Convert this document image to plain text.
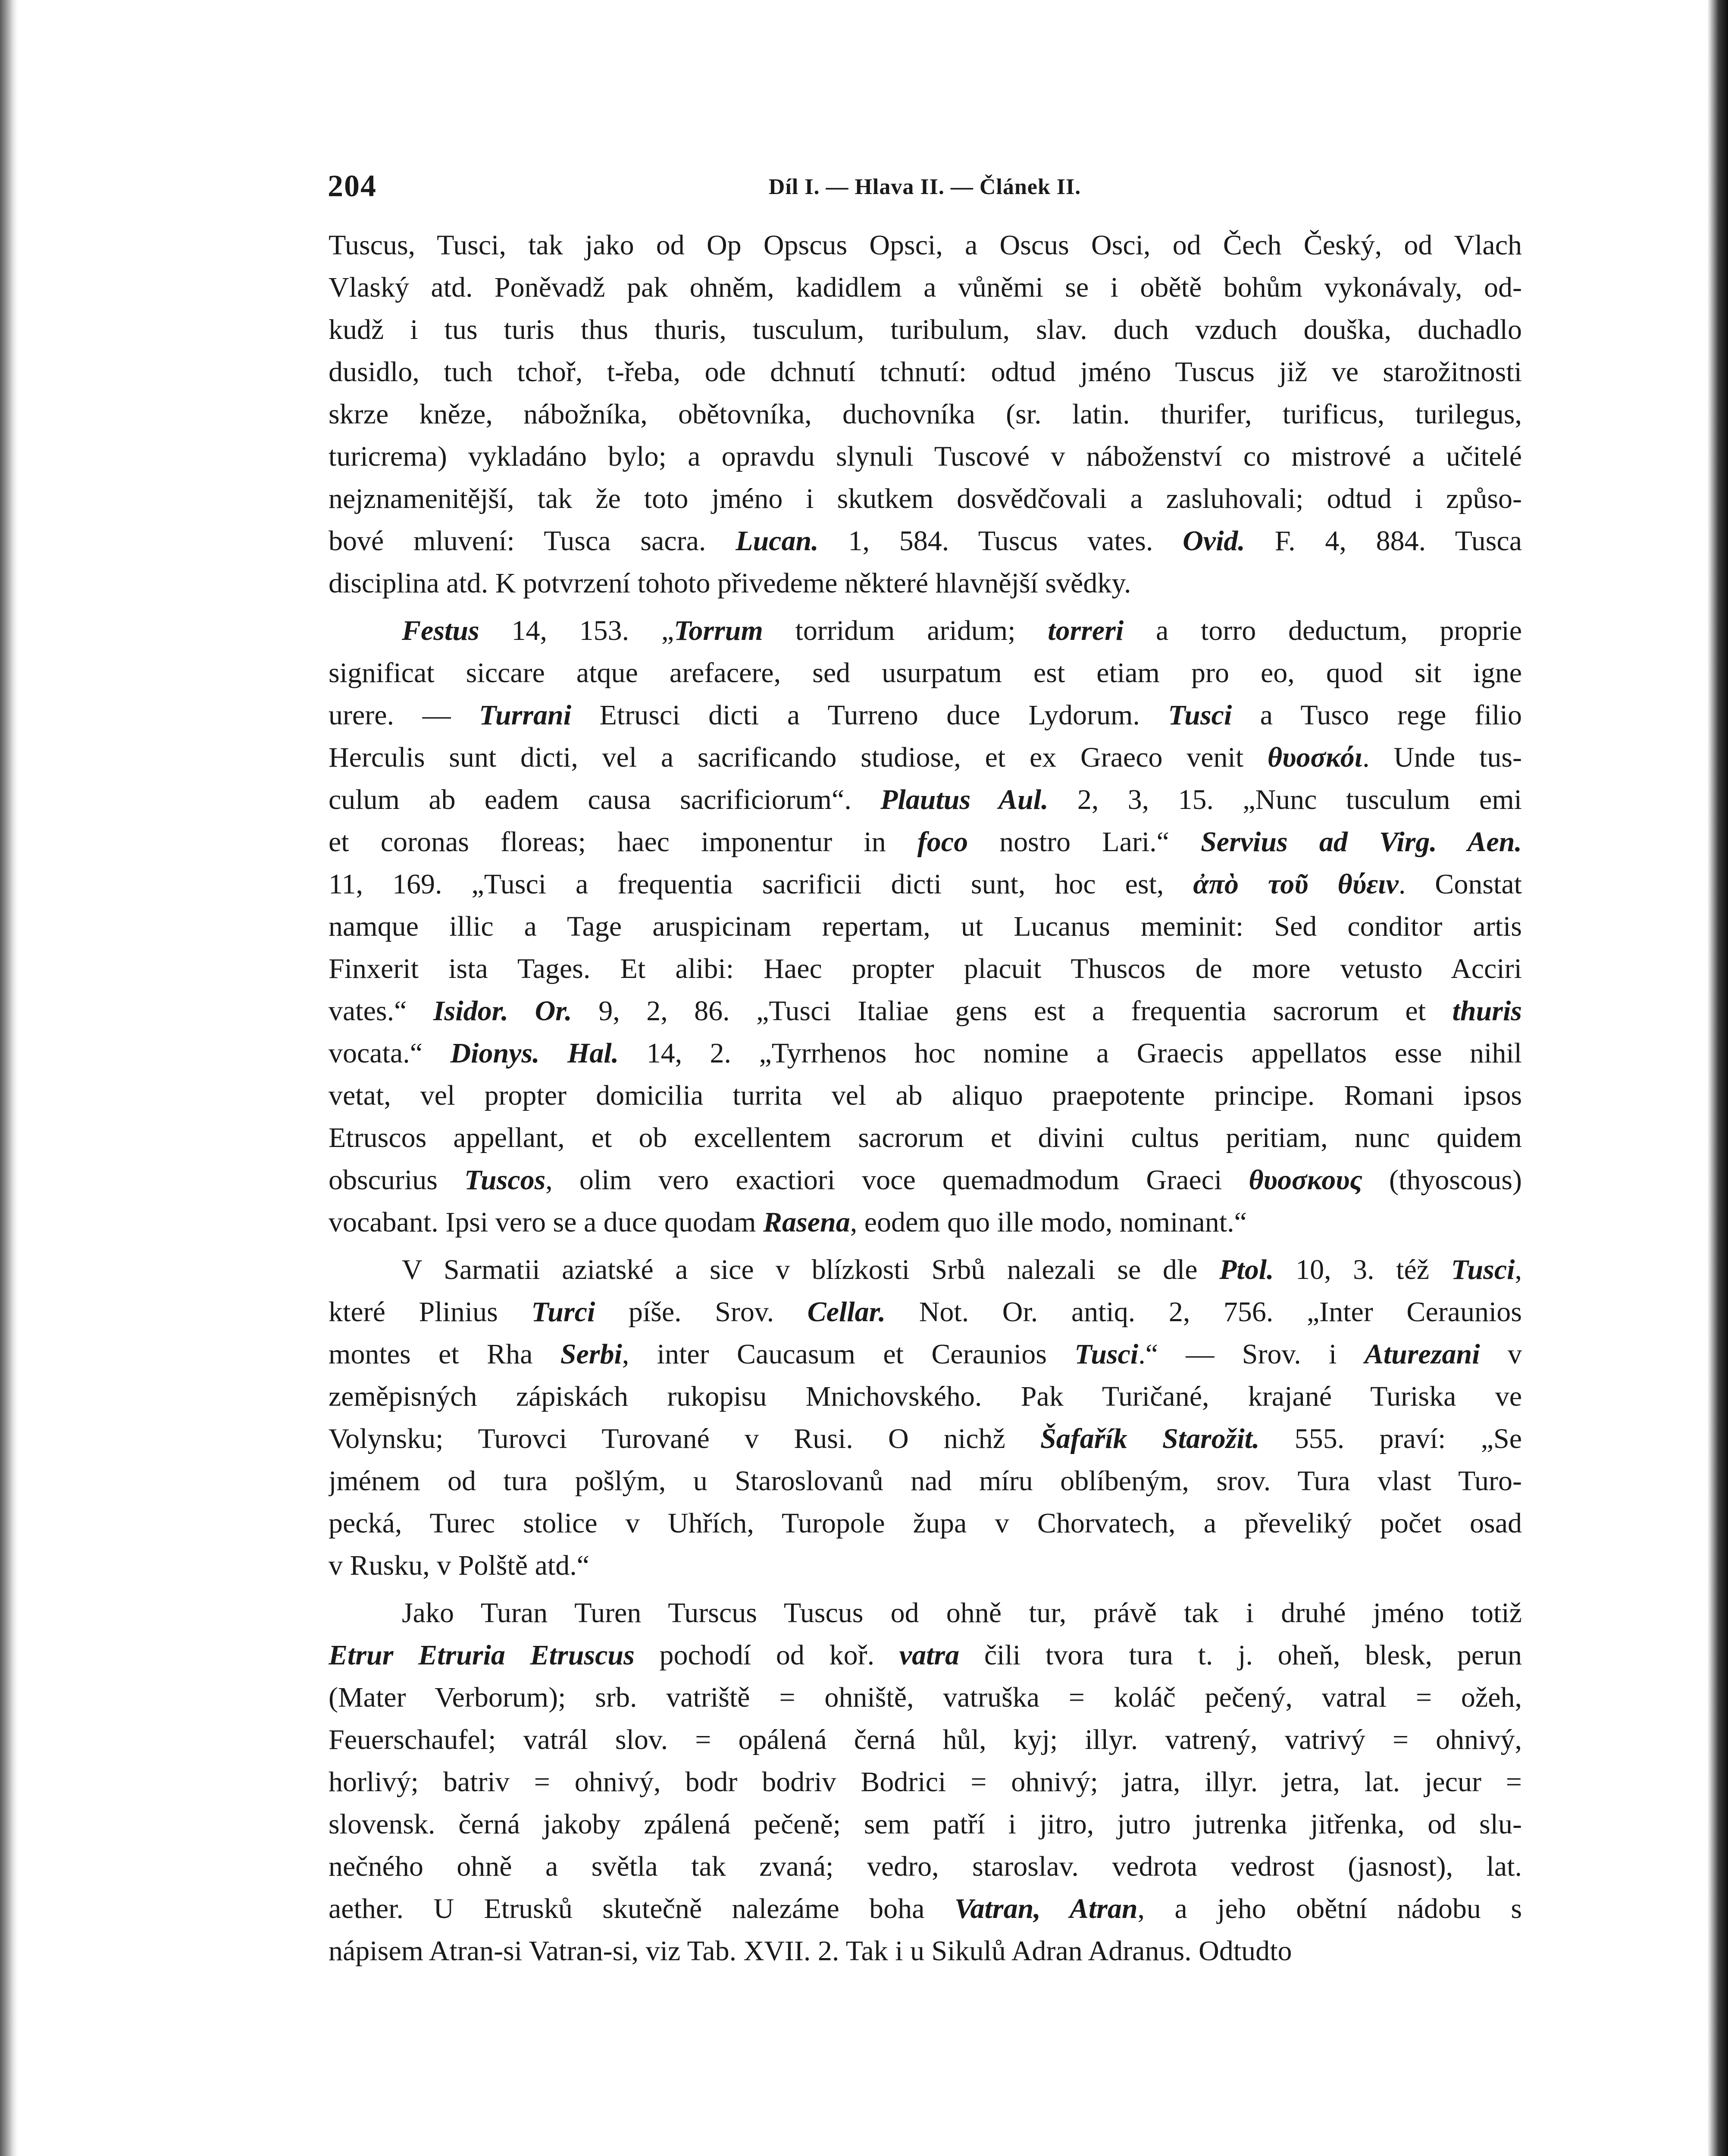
204	Díl I. — Hlava II. — Článek II.
Tuscus, Tusci, tak jako od Op Opscus Opsci, a Oscus Osci, od Čech Český, od Vlach
Vlaský atd. Poněvadž pak ohněm, kadidlem a vůněmi se i obětě bohům vykonávaly, od-
kudž i tus turis thus thuris, tusculum, turibulum, slav. duch vzduch douška, duchadlo
dusidlo, tuch tchoř, t-řeba, ode dchnutí tchnutí: odtud jméno Tuscus již ve starožitnosti
skrze kněze, nábožníka, obětovníka, duchovníka (sr. latin. thurifer, turificus, turilegus,
turicrema) vykladáno bylo; a opravdu slynuli Tuscové v náboženství co mistrové a učitelé
nejznamenitější, tak že toto jméno i skutkem dosvědčovali a zasluhovali; odtud i způso-
bové mluvení: Tusca sacra. Lucan. 1, 584. Tuscus vates. Ovid. F. 4, 884. Tusca
disciplina atd. K potvrzení tohoto přivedeme některé hlavnější svědky.
Festus 14, 153. „Torrum torridum aridum; torreri a torro deductum, proprie
significat siccare atque arefacere, sed usurpatum est etiam pro eo, quod sit igne
urere. — Turrani Etrusci dicti a Turreno duce Lydorum. Tusci a Tusco rege filio
Herculis sunt dicti, vel a sacrificando studiose, et ex Graeco venit θυοσκόι. Unde tus-
culum ab eadem causa sacrificiorum“. Plautus Aul. 2, 3, 15. „Nunc tusculum emi
et coronas floreas; haec imponentur in foco nostro Lari.“ Servius ad Virg. Aen.
11, 169. „Tusci a frequentia sacrificii dicti sunt, hoc est, ἀπὸ τοῦ θύειν. Constat
namque illic a Tage aruspicinam repertam, ut Lucanus meminit: Sed conditor artis
Finxerit ista Tages. Et alibi: Haec propter placuit Thuscos de more vetusto Acciri
vates.“ Isidor. Or. 9, 2, 86. „Tusci Italiae gens est a frequentia sacrorum et thuris
vocata.“ Dionys. Hal. 14, 2. „Tyrrhenos hoc nomine a Graecis appellatos esse nihil
vetat, vel propter domicilia turrita vel ab aliquo praepotente principe. Romani ipsos
Etruscos appellant, et ob excellentem sacrorum et divini cultus peritiam, nunc quidem
obscurius Tuscos, olim vero exactiori voce quemadmodum Graeci θυοσκους (thyoscous)
vocabant. Ipsi vero se a duce quodam Rasena, eodem quo ille modo, nominant.“
V Sarmatii aziatské a sice v blízkosti Srbů nalezali se dle Ptol. 10, 3. též Tusci,
které Plinius Turci píše. Srov. Cellar. Not. Or. antiq. 2, 756. „Inter Ceraunios
montes et Rha Serbi, inter Caucasum et Ceraunios Tusci.“ — Srov. i Aturezani v
zeměpisných zápiskách rukopisu Mnichovského. Pak Turičané, krajané Turiska ve
Volynsku; Turovci Turované v Rusi. O nichž Šafařík Starožit. 555. praví: „Se
jménem od tura pošlým, u Staroslovanů nad míru oblíbeným, srov. Tura vlast Turo-
pecká, Turec stolice v Uhřích, Turopole župa v Chorvatech, a převeliký počet osad
v Rusku, v Polště atd.“
Jako Turan Turen Turscus Tuscus od ohně tur, právě tak i druhé jméno totiž
Etrur Etruria Etruscus pochodí od koř. vatra čili tvora tura t. j. oheň, blesk, perun
(Mater Verborum); srb. vatriště = ohniště, vatruška = koláč pečený, vatral = ožeh,
Feuerschaufel; vatrál slov. = opálená černá hůl, kyj; illyr. vatrený, vatrivý = ohnivý,
horlivý; batriv = ohnivý, bodr bodriv Bodrici = ohnivý; jatra, illyr. jetra, lat. jecur =
slovensk. černá jakoby zpálená pečeně; sem patří i jitro, jutro jutrenka jitřenka, od slu-
nečného ohně a světla tak zvaná; vedro, staroslav. vedrota vedrost (jasnost), lat.
aether. U Etrusků skutečně nalezáme boha Vatran, Atran, a jeho obětní nádobu s
nápisem Atran-si Vatran-si, viz Tab. XVII. 2. Tak i u Sikulů Adran Adranus. Odtudto
